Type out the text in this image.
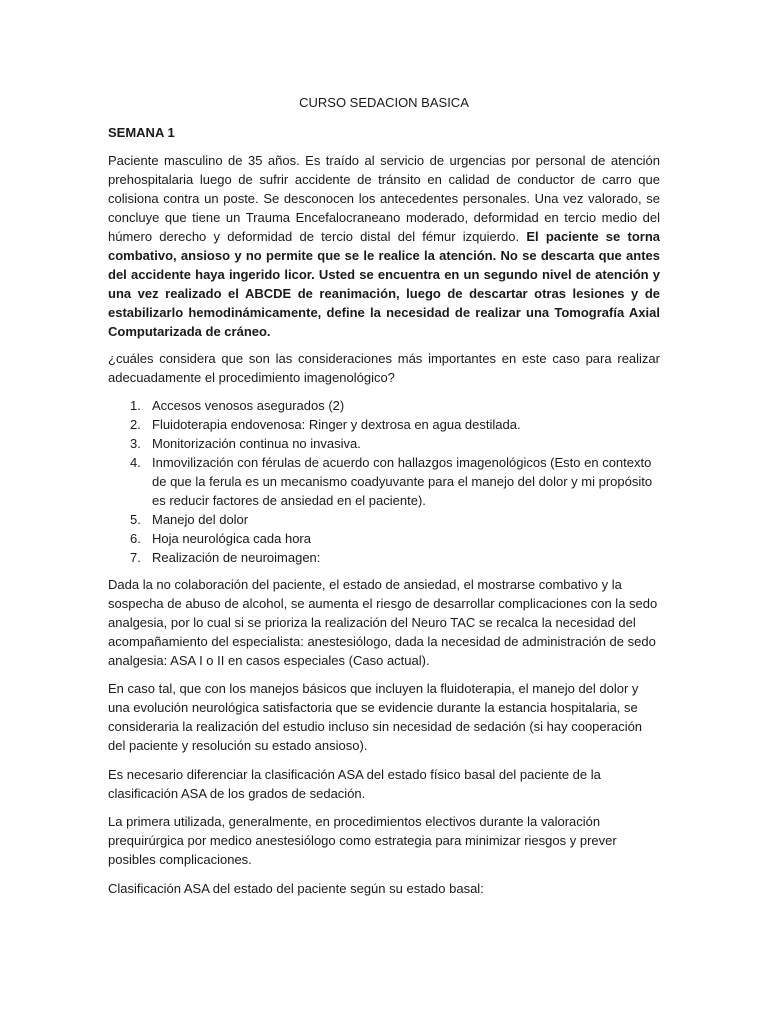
CURSO SEDACION BASICA
SEMANA 1

Paciente masculino de 35 años. Es traído al servicio de urgencias por personal de atención prehospitalaria luego de sufrir accidente de tránsito en calidad de conductor de carro que colisiona contra un poste. Se desconocen los antecedentes personales. Una vez valorado, se concluye que tiene un Trauma Encefalocraneano moderado, deformidad en tercio medio del húmero derecho y deformidad de tercio distal del fémur izquierdo. El paciente se torna combativo, ansioso y no permite que se le realice la atención. No se descarta que antes del accidente haya ingerido licor. Usted se encuentra en un segundo nivel de atención y una vez realizado el ABCDE de reanimación, luego de descartar otras lesiones y de estabilizarlo hemodinámicamente, define la necesidad de realizar una Tomografía Axial Computarizada de cráneo.

¿cuáles considera que son las consideraciones más importantes en este caso para realizar adecuadamente el procedimiento imagenológico?

1. Accesos venosos asegurados (2)
2. Fluidoterapia endovenosa: Ringer y dextrosa en agua destilada.
3. Monitorización continua no invasiva.
4. Inmovilización con férulas de acuerdo con hallazgos imagenológicos (Esto en contexto de que la ferula es un mecanismo coadyuvante para el manejo del dolor y mi propósito es reducir factores de ansiedad en el paciente).
5. Manejo del dolor
6. Hoja neurológica cada hora
7. Realización de neuroimagen:

Dada la no colaboración del paciente, el estado de ansiedad, el mostrarse combativo y la sospecha de abuso de alcohol, se aumenta el riesgo de desarrollar complicaciones con la sedo analgesia, por lo cual si se prioriza la realización del Neuro TAC se recalca la necesidad del acompañamiento del especialista: anestesiólogo, dada la necesidad de administración de sedo analgesia: ASA I o II en casos especiales (Caso actual).

En caso tal, que con los manejos básicos que incluyen la fluidoterapia, el manejo del dolor y una evolución neurológica satisfactoria que se evidencie durante la estancia hospitalaria, se consideraria la realización del estudio incluso sin necesidad de sedación (si hay cooperación del paciente y resolución su estado ansioso).

Es necesario diferenciar la clasificación ASA del estado físico basal del paciente de la clasificación ASA de los grados de sedación.

La primera utilizada, generalmente, en procedimientos electivos durante la valoración prequirúrgica por medico anestesiólogo como estrategia para minimizar riesgos y prever posibles complicaciones.

Clasificación ASA del estado del paciente según su estado basal:
